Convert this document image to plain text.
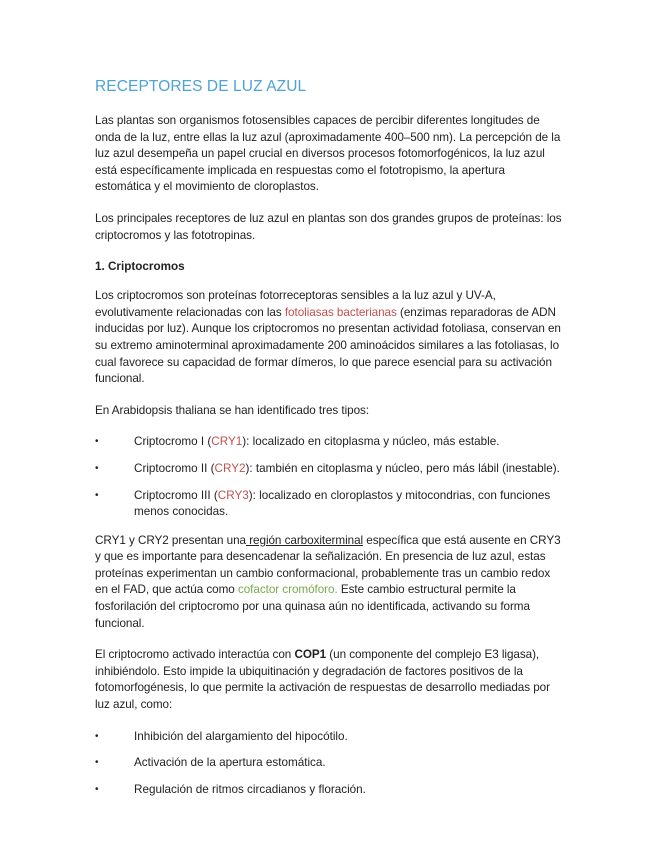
RECEPTORES DE LUZ AZUL

Las plantas son organismos fotosensibles capaces de percibir diferentes longitudes de onda de la luz, entre ellas la luz azul (aproximadamente 400–500 nm). La percepción de la luz azul desempeña un papel crucial en diversos procesos fotomorfogénicos, la luz azul está específicamente implicada en respuestas como el fototropismo, la apertura estomática y el movimiento de cloroplastos.

Los principales receptores de luz azul en plantas son dos grandes grupos de proteínas: los criptocromos y las fototropinas.

1. Criptocromos

Los criptocromos son proteínas fotorreceptoras sensibles a la luz azul y UV-A, evolutivamente relacionadas con las fotoliasas bacterianas (enzimas reparadoras de ADN inducidas por luz). Aunque los criptocromos no presentan actividad fotoliasa, conservan en su extremo aminoterminal aproximadamente 200 aminoácidos similares a las fotoliasas, lo cual favorece su capacidad de formar dímeros, lo que parece esencial para su activación funcional.

En Arabidopsis thaliana se han identificado tres tipos:

•	Criptocromo I (CRY1): localizado en citoplasma y núcleo, más estable.
•	Criptocromo II (CRY2): también en citoplasma y núcleo, pero más lábil (inestable).
•	Criptocromo III (CRY3): localizado en cloroplastos y mitocondrias, con funciones menos conocidas.

CRY1 y CRY2 presentan una región carboxiterminal específica que está ausente en CRY3 y que es importante para desencadenar la señalización. En presencia de luz azul, estas proteínas experimentan un cambio conformacional, probablemente tras un cambio redox en el FAD, que actúa como cofactor cromóforo. Este cambio estructural permite la fosforilación del criptocromo por una quinasa aún no identificada, activando su forma funcional.

El criptocromo activado interactúa con COP1 (un componente del complejo E3 ligasa), inhibiéndolo. Esto impide la ubiquitinación y degradación de factores positivos de la fotomorfogénesis, lo que permite la activación de respuestas de desarrollo mediadas por luz azul, como:

•	Inhibición del alargamiento del hipocótilo.
•	Activación de la apertura estomática.
•	Regulación de ritmos circadianos y floración.
